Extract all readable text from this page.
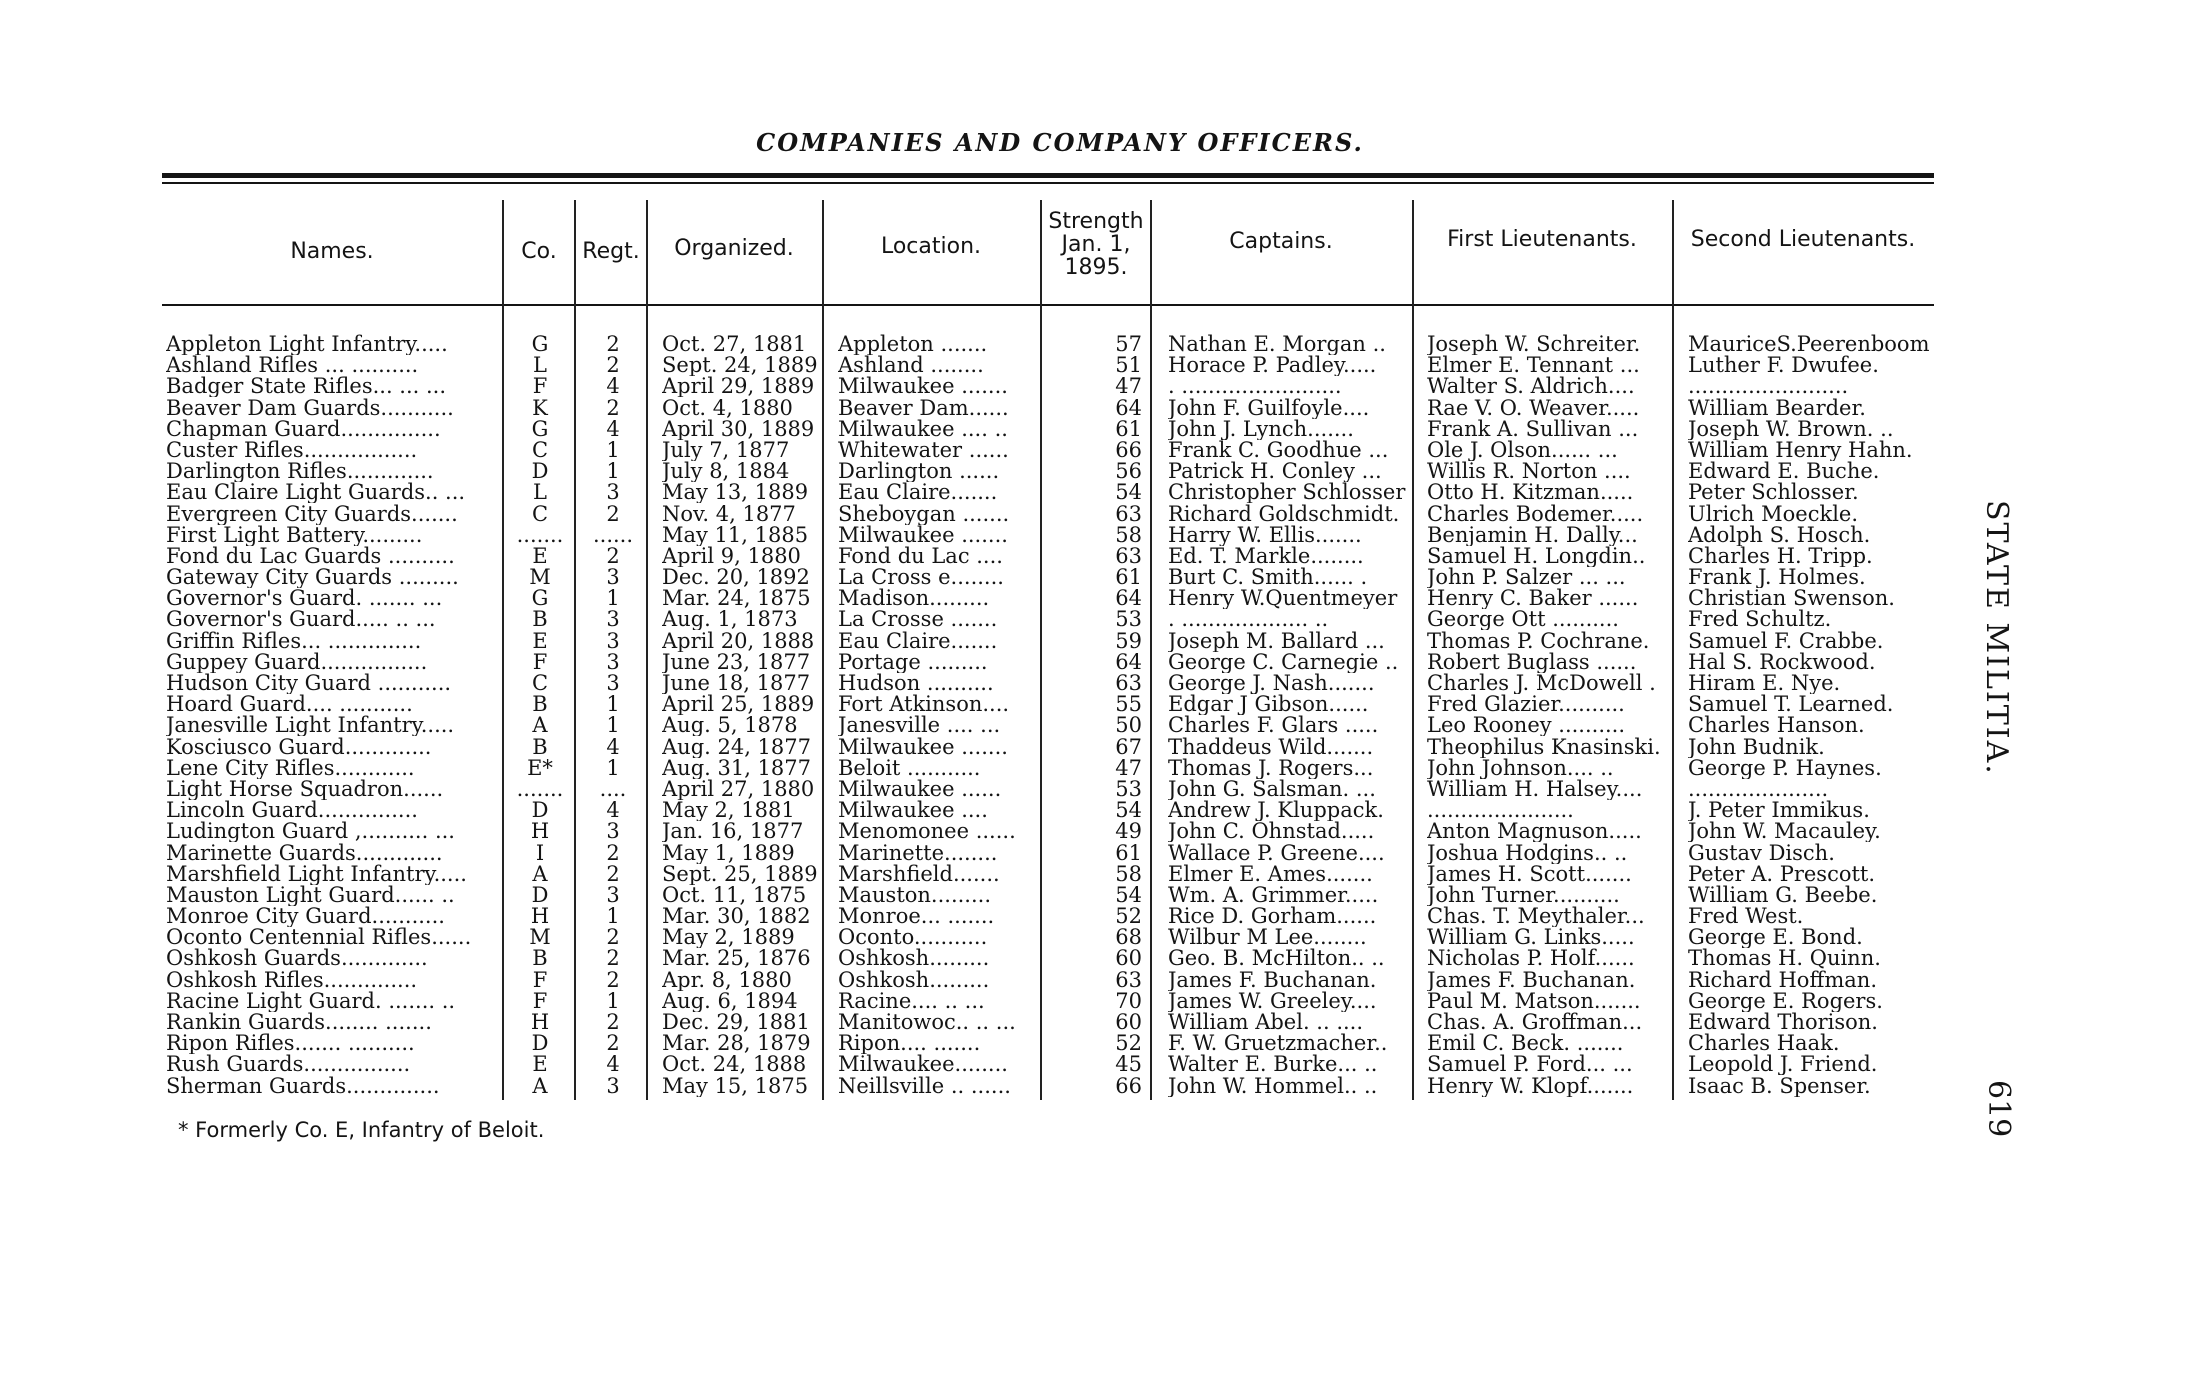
COMPANIES AND COMPANY OFFICERS.
Names.	Co.	Regt.	Organized.	Location.
Strength
Jan. 1,
1895.
Captains.	First Lieutenants.	Second Lieutenants.
Appleton Light Infantry.....	G	2	Oct. 27, 1881	Appleton .......	57 Nathan E. Morgan ..	Joseph W. Schreiter.	MauriceS.Peerenboom
Ashland Rifles ... ..........	L	2	Sept. 24, 1889 Ashland ........	51 Horace P. Padley.....	Elmer E. Tennant ...	Luther F. Dwufee.
Badger State Rifles... ... ...	F	4	April 29, 1889	Milwaukee .......	47 . ........................	Walter S. Aldrich....	........................
Beaver Dam Guards...........	K	2	Oct. 4, 1880	Beaver Dam......	64 John F. Guilfoyle....	Rae V. O. Weaver.....	William Bearder.
Chapman Guard...............	G	4	April 30, 1889	Milwaukee .... ..	61 John J. Lynch.......	Frank A. Sullivan ...	Joseph W. Brown. ..
Custer Rifles.................	C	1	July 7, 1877	Whitewater ......	66 Frank C. Goodhue ...	Ole J. Olson...... ...	William Henry Hahn.
Darlington Rifles.............	D	1	July 8, 1884	Darlington ......	56 Patrick H. Conley ...	Willis R. Norton ....	Edward E. Buche.
Eau Claire Light Guards.. ...	L	3	May 13, 1889	Eau Claire.......	54 Christopher Schlosser	Otto H. Kitzman.....	Peter Schlosser.
Evergreen City Guards.......	C	2	Nov. 4, 1877	Sheboygan .......	63 Richard Goldschmidt.	Charles Bodemer.....	Ulrich Moeckle.
First Light Battery.........	.......	......	May 11, 1885	Milwaukee .......	58 Harry W. Ellis.......	Benjamin H. Dally...	Adolph S. Hosch.
Fond du Lac Guards ..........	E	2	April 9, 1880	Fond du Lac ....	63 Ed. T. Markle........	Samuel H. Longdin..	Charles H. Tripp.
Gateway City Guards .........	M	3	Dec. 20, 1892	La Cross e........	61 Burt C. Smith...... .	John P. Salzer ... ...	Frank J. Holmes.
Governor's Guard. ....... ...	G	1	Mar. 24, 1875	Madison.........	64 Henry W.Quentmeyer	Henry C. Baker ......	Christian Swenson.
Governor's Guard..... .. ...	B	3	Aug. 1, 1873	La Crosse .......	53 . ................... ..	George Ott ..........	Fred Schultz.
Griffin Rifles... ..............	E	3	April 20, 1888	Eau Claire.......	59 Joseph M. Ballard ...	Thomas P. Cochrane.	Samuel F. Crabbe.
Guppey Guard................	F	3	June 23, 1877	Portage .........	64 George C. Carnegie ..	Robert Buglass ......	Hal S. Rockwood.
Hudson City Guard ...........	C	3	June 18, 1877	Hudson ..........	63 George J. Nash.......	Charles J. McDowell .	Hiram E. Nye.
Hoard Guard.... ...........	B	1	April 25, 1889	Fort Atkinson....	55 Edgar J Gibson......	Fred Glazier..........	Samuel T. Learned.
Janesville Light Infantry.....	A	1	Aug. 5, 1878	Janesville .... ...	50 Charles F. Glars .....	Leo Rooney ..........	Charles Hanson.
Kosciusco Guard.............	B	4	Aug. 24, 1877	Milwaukee .......	67 Thaddeus Wild.......	Theophilus Knasinski.	John Budnik.
Lene City Rifles............	E*	1	Aug. 31, 1877	Beloit ...........	47 Thomas J. Rogers...	John Johnson.... ..	George P. Haynes.
Light Horse Squadron......	.......	....	April 27, 1880	Milwaukee ......	53 John G. Salsman. ...	William H. Halsey....	.....................
Lincoln Guard...............	D	4	May 2, 1881	Milwaukee ....	54 Andrew J. Kluppack.	......................	J. Peter Immikus.
Ludington Guard ,.......... ...	H	3	Jan. 16, 1877	Menomonee ......	49 John C. Ohnstad.....	Anton Magnuson.....	John W. Macauley.
Marinette Guards.............	I	2	May 1, 1889	Marinette........	61 Wallace P. Greene....	Joshua Hodgins.. ..	Gustav Disch.
Marshfield Light Infantry.....	A	2	Sept. 25, 1889 Marshfield.......	58 Elmer E. Ames.......	James H. Scott.......	Peter A. Prescott.
Mauston Light Guard...... ..	D	3	Oct. 11, 1875	Mauston.........	54 Wm. A. Grimmer.....	John Turner..........	William G. Beebe.
Monroe City Guard...........	H	1	Mar. 30, 1882	Monroe... .......	52 Rice D. Gorham......	Chas. T. Meythaler...	Fred West.
Oconto Centennial Rifles......	M	2	May 2, 1889	Oconto...........	68 Wilbur M Lee........	William G. Links.....	George E. Bond.
Oshkosh Guards.............	B	2	Mar. 25, 1876	Oshkosh.........	60 Geo. B. McHilton.. ..	Nicholas P. Holf......	Thomas H. Quinn.
Oshkosh Rifles..............	F	2	Apr. 8, 1880	Oshkosh.........	63 James F. Buchanan.	James F. Buchanan.	Richard Hoffman.
Racine Light Guard. ....... ..	F	1	Aug. 6, 1894	Racine.... .. ...	70 James W. Greeley....	Paul M. Matson.......	George E. Rogers.
Rankin Guards........ .......	H	2	Dec. 29, 1881	Manitowoc.. .. ...	60 William Abel. .. ....	Chas. A. Groffman...	Edward Thorison.
Ripon Rifles....... ..........	D	2	Mar. 28, 1879	Ripon.... .......	52 F. W. Gruetzmacher..	Emil C. Beck. .......	Charles Haak.
Rush Guards................	E	4	Oct. 24, 1888	Milwaukee........	45 Walter E. Burke... ..	Samuel P. Ford... ...	Leopold J. Friend.
Sherman Guards..............	A	3	May 15, 1875	Neillsville .. ......	66 John W. Hommel.. ..	Henry W. Klopf.......	Isaac B. Spenser.
* Formerly Co. E, Infantry of Beloit.
STATE MILITIA.
619
